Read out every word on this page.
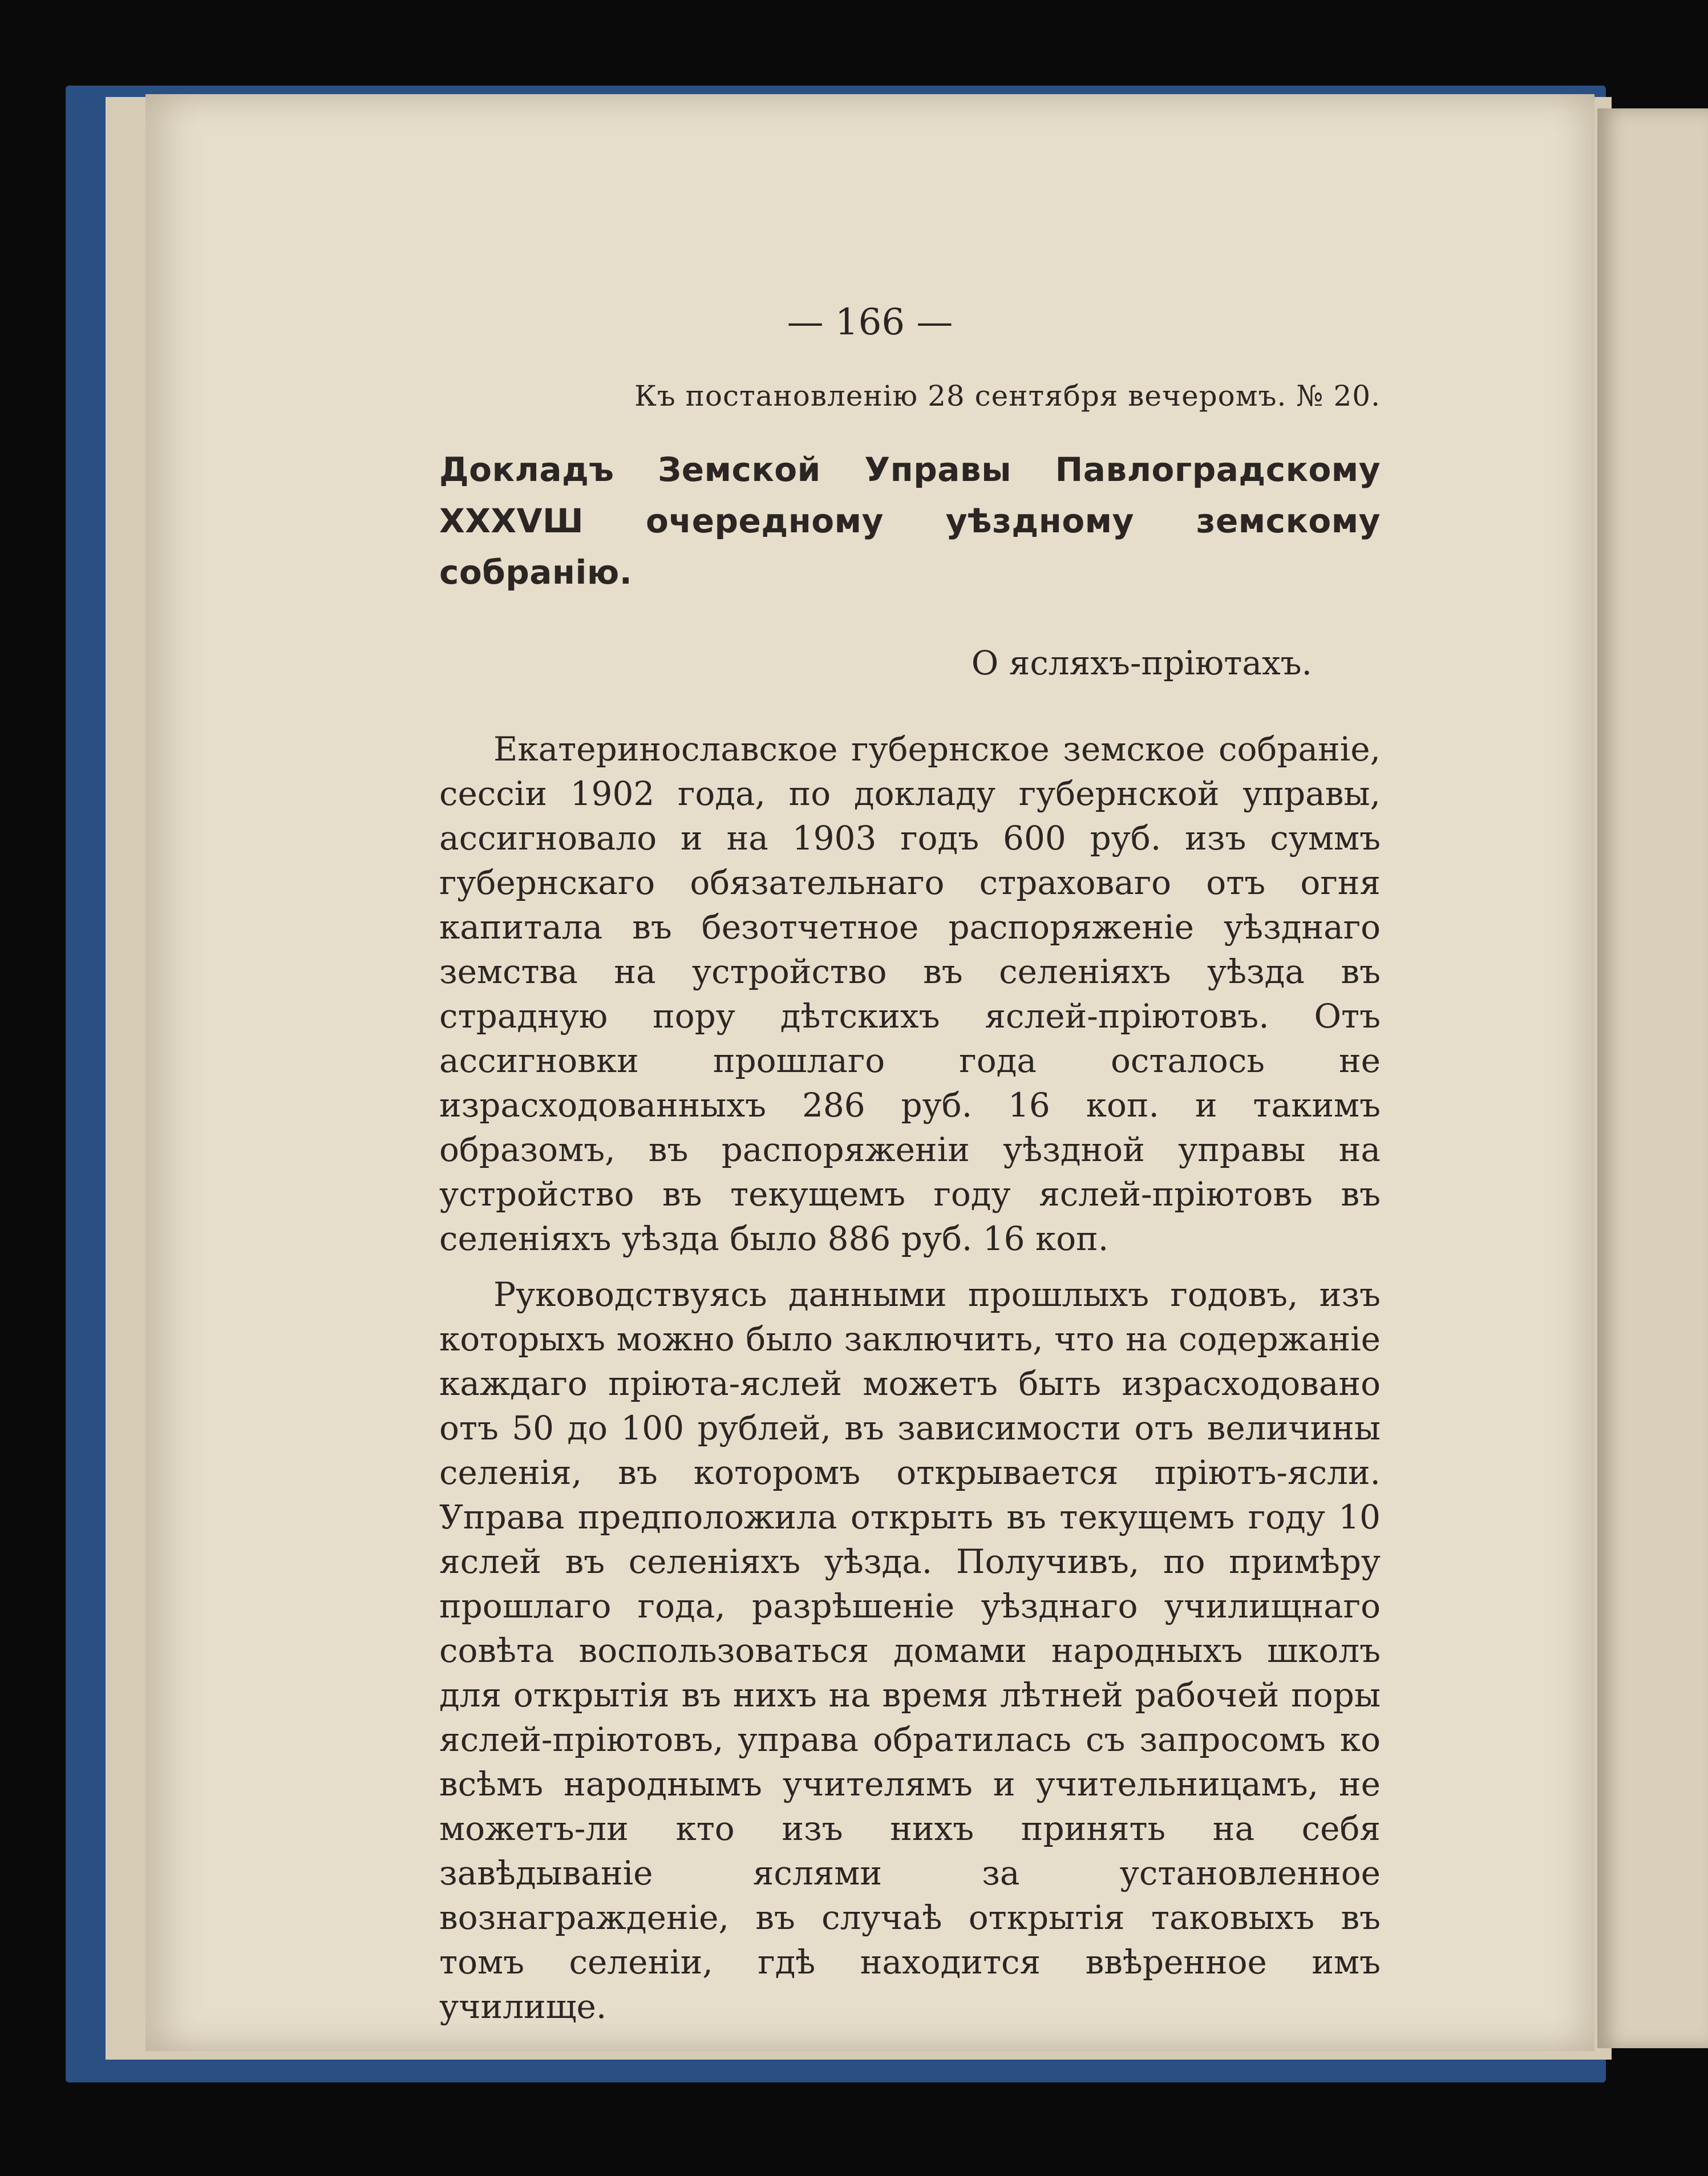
— 166 —
Къ постановленію 28 сентября вечеромъ. № 20.
Докладъ Земской Управы Павлоградскому XXXVШ очередному уѣздному земскому собранію.
О ясляхъ-пріютахъ.

Екатеринославское губернское земское собраніе, сессіи 1902 года, по докладу губернской управы, ассигновало и на 1903 годъ 600 руб. изъ суммъ губернскаго обязательнаго страховаго отъ огня капитала въ безотчетное распоряженіе уѣзднаго земства на устройство въ селеніяхъ уѣзда въ страдную пору дѣтскихъ яслей-пріютовъ. Отъ ассигновки прошлаго года осталось не израсходованныхъ 286 руб. 16 коп. и такимъ образомъ, въ распоряженіи уѣздной управы на устройство въ текущемъ году яслей-пріютовъ въ селеніяхъ уѣзда было 886 руб. 16 коп.

Руководствуясь данными прошлыхъ годовъ, изъ которыхъ можно было заключить, что на содержаніе каждаго пріюта-яслей можетъ быть израсходовано отъ 50 до 100 рублей, въ зависимости отъ величины селенія, въ которомъ открывается пріютъ-ясли. Управа предположила открыть въ текущемъ году 10 яслей въ селеніяхъ уѣзда. Получивъ, по примѣру прошлаго года, разрѣшеніе уѣзднаго училищнаго совѣта воспользоваться домами народныхъ школъ для открытія въ нихъ на время лѣтней рабочей поры яслей-пріютовъ, управа обратилась съ запросомъ ко всѣмъ народнымъ учителямъ и учительницамъ, не можетъ-ли кто изъ нихъ принять на себя завѣдываніе яслями за установленное вознагражденіе, въ случаѣ открытія таковыхъ въ томъ селеніи, гдѣ находится ввѣренное имъ училище.
